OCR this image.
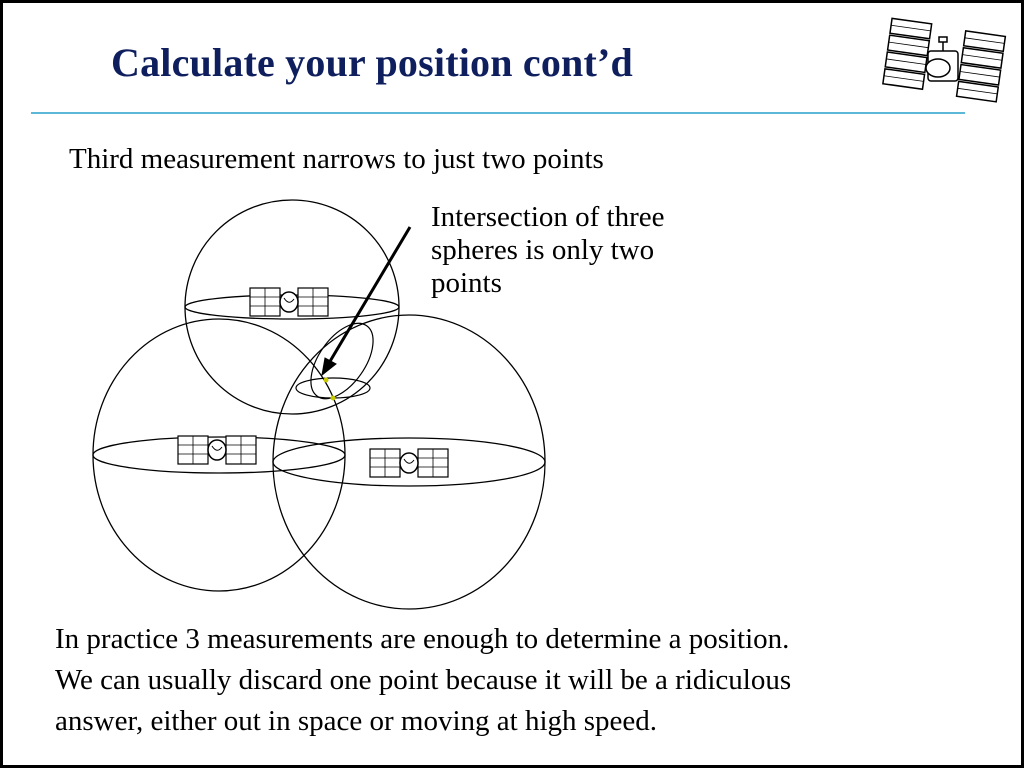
Calculate your position cont’d

Third measurement narrows to just two points

Intersection of three
spheres is only two
points
In practice 3 measurements are enough to determine a position.
We can usually discard one point because it will be a ridiculous
answer, either out in space or moving at high speed.
